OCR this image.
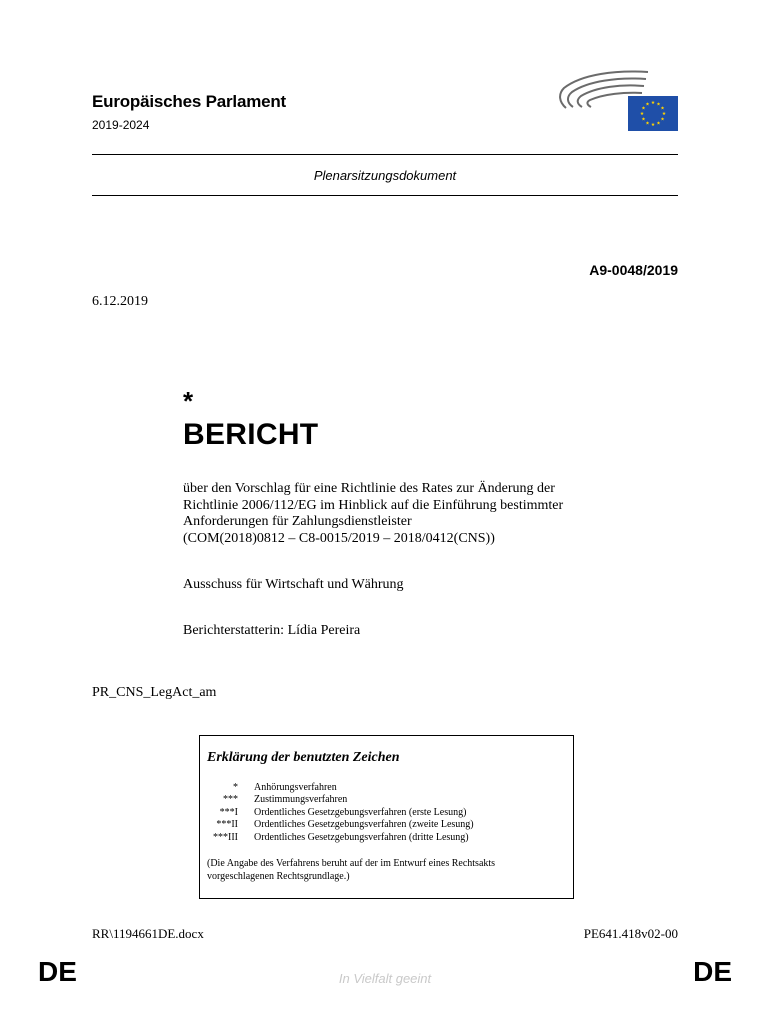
Europäisches Parlament
2019-2024
Plenarsitzungsdokument
A9-0048/2019
6.12.2019
*
BERICHT
über den Vorschlag für eine Richtlinie des Rates zur Änderung der
Richtlinie 2006/112/EG im Hinblick auf die Einführung bestimmter
Anforderungen für Zahlungsdienstleister
(COM(2018)0812 – C8-0015/2019 – 2018/0412(CNS))
Ausschuss für Wirtschaft und Währung
Berichterstatterin: Lídia Pereira
PR_CNS_LegAct_am
Erklärung der benutzten Zeichen
* Anhörungsverfahren
*** Zustimmungsverfahren
***I Ordentliches Gesetzgebungsverfahren (erste Lesung)
***II Ordentliches Gesetzgebungsverfahren (zweite Lesung)
***III Ordentliches Gesetzgebungsverfahren (dritte Lesung)
(Die Angabe des Verfahrens beruht auf der im Entwurf eines Rechtsakts
vorgeschlagenen Rechtsgrundlage.)
RR\1194661DE.docx	PE641.418v02-00
DE	In Vielfalt geeint	DE
